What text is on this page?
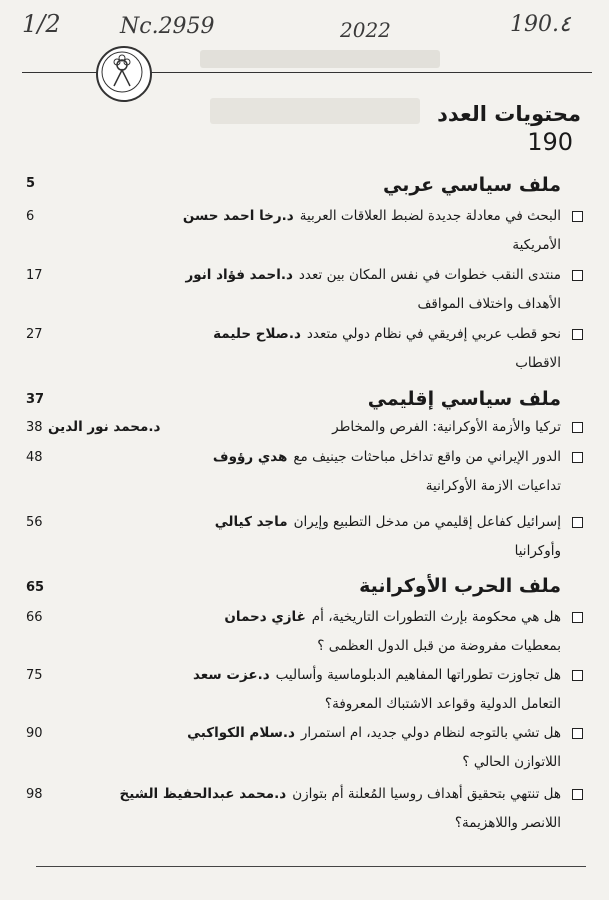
1/2	Nc.2959	2022	190.٤
محتويات العدد
190
5	ملف سياسي عربي
6	البحث في معادلة جديدة لضبط العلاقات العربية
د.رخا احمد حسن
الأمريكية
17	منتدى النقب خطوات في نفس المكان بين تعدد
د.احمد فؤاد انور
الأهداف واختلاف المواقف
27	نحو قطب عربي إفريقي في نظام دولي متعدد
د.صلاح حليمة
الاقطاب
37	ملف سياسي إقليمي
38	تركيا والأزمة الأوكرانية: الفرص والمخاطر
د.محمد نور الدين
48	الدور الإيراني من واقع تداخل مباحثات جينيف مع
هدي رؤوف
تداعيات الازمة الأوكرانية
56	إسرائيل كفاعل إقليمي من مدخل التطبيع وإيران
ماجد كيالي
وأوكرانيا
65	ملف الحرب الأوكرانية
66	هل هي محكومة بإرث التطورات التاريخية، أم
غازي دحمان
بمعطيات مفروضة من قبل الدول العظمى ؟
75	هل تجاوزت تطوراتها المفاهيم الدبلوماسية وأساليب
د.عزت سعد
التعامل الدولية وقواعد الاشتباك المعروفة؟
90	هل تشي بالتوجه لنظام دولي جديد، ام استمرار
د.سلام الكواكبي
اللاتوازن الحالي ؟
98	هل تنتهي بتحقيق أهداف روسيا المُعلنة أم بتوازن
د.محمد عبدالحفيظ الشيخ
اللانصر واللاهزيمة؟
